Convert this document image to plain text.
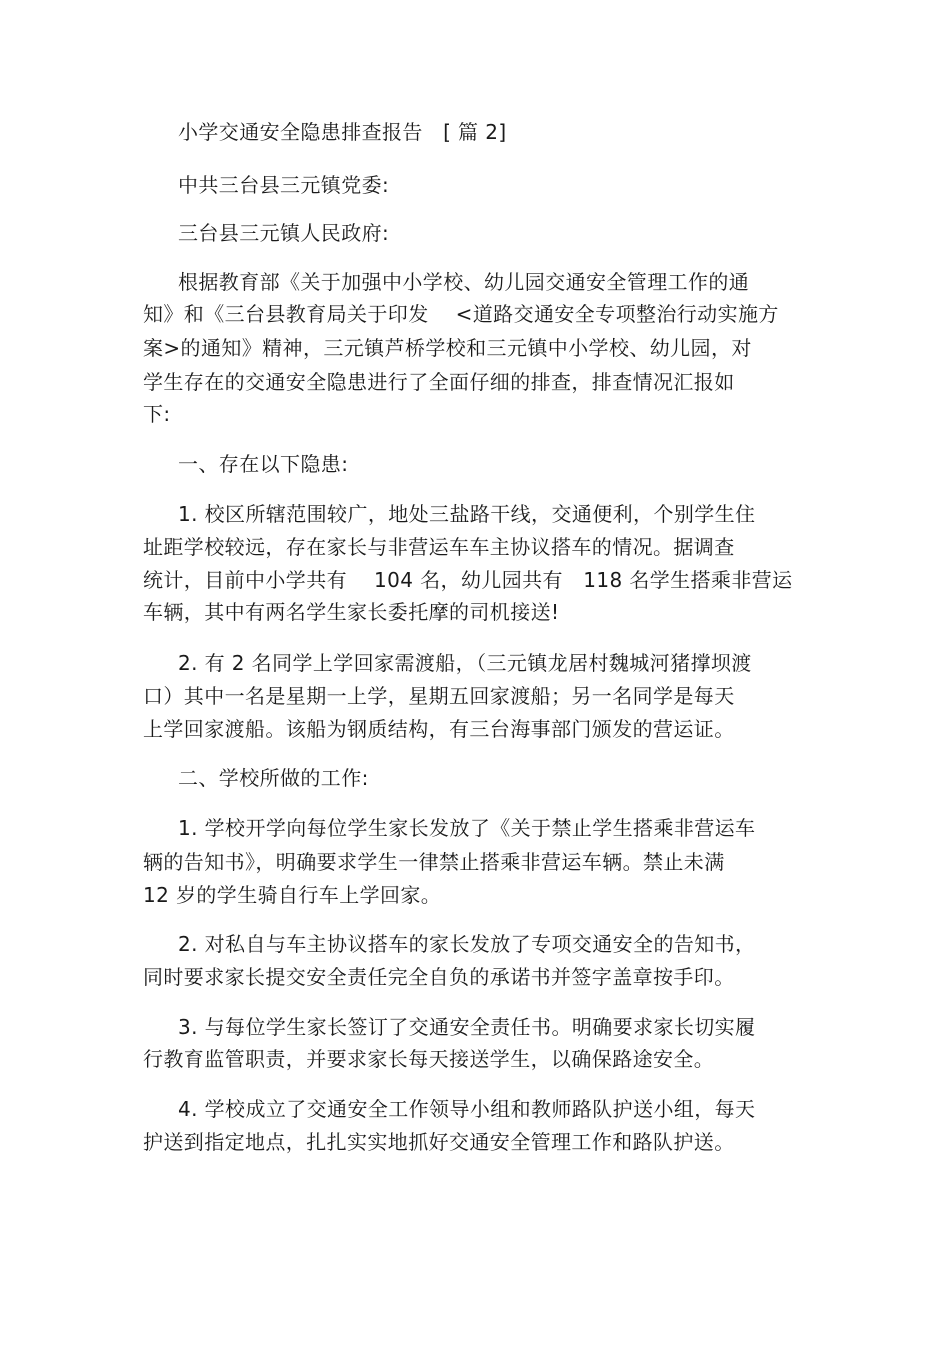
小学交通安全隐患排查报告   [ 篇 2]
中共三台县三元镇党委:
三台县三元镇人民政府:
根据教育部《关于加强中小学校、幼儿园交通安全管理工作的通
知》和《三台县教育局关于印发    <道路交通安全专项整治行动实施方
案>的通知》精神，三元镇芦桥学校和三元镇中小学校、幼儿园，对
学生存在的交通安全隐患进行了全面仔细的排查，排查情况汇报如
下:
一、存在以下隐患:
1. 校区所辖范围较广，地处三盐路干线，交通便利，个别学生住
址距学校较远，存在家长与非营运车车主协议搭车的情况。据调查
统计，目前中小学共有    104 名，幼儿园共有   118 名学生搭乘非营运
车辆，其中有两名学生家长委托摩的司机接送!
2. 有 2 名同学上学回家需渡船，（三元镇龙居村魏城河猪撑坝渡
口）其中一名是星期一上学，星期五回家渡船；另一名同学是每天
上学回家渡船。该船为钢质结构，有三台海事部门颁发的营运证。
二、学校所做的工作:
1. 学校开学向每位学生家长发放了《关于禁止学生搭乘非营运车
辆的告知书》，明确要求学生一律禁止搭乘非营运车辆。禁止未满
12 岁的学生骑自行车上学回家。
2. 对私自与车主协议搭车的家长发放了专项交通安全的告知书，
同时要求家长提交安全责任完全自负的承诺书并签字盖章按手印。
3. 与每位学生家长签订了交通安全责任书。明确要求家长切实履
行教育监管职责，并要求家长每天接送学生，以确保路途安全。
4. 学校成立了交通安全工作领导小组和教师路队护送小组，每天
护送到指定地点，扎扎实实地抓好交通安全管理工作和路队护送。
